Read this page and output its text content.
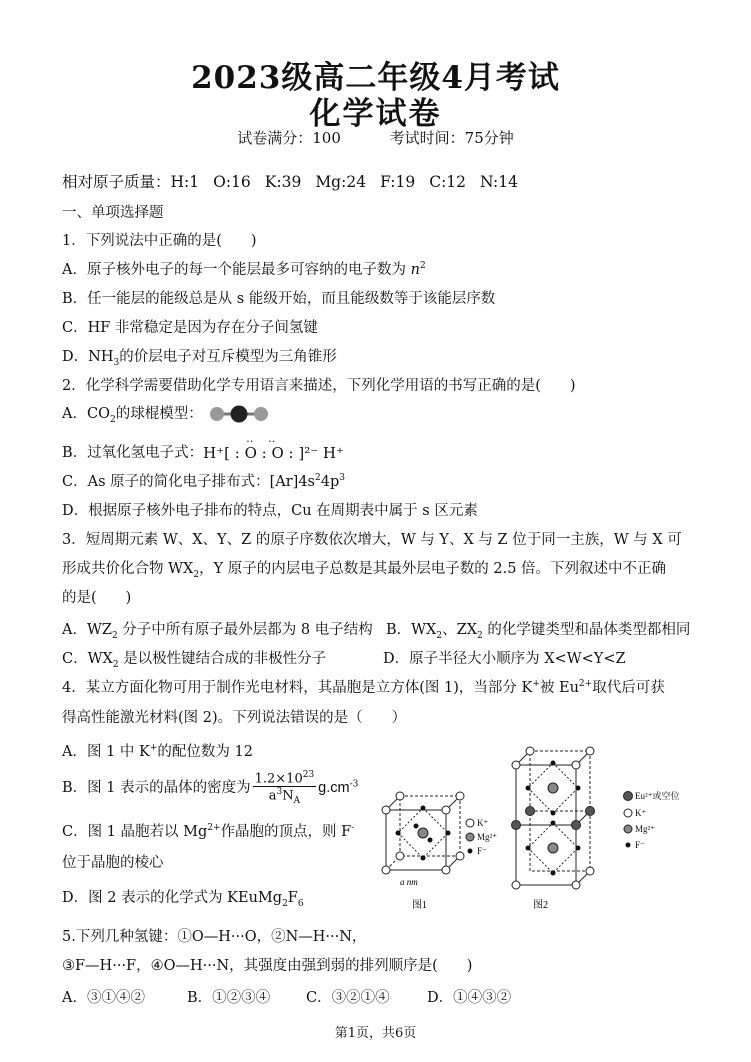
2023级高二年级4月考试
化学试卷
试卷满分：100	考试时间：75分钟
相对原子质量：H:1 O:16 K:39 Mg:24 F:19 C:12 N:14
一、单项选择题
1．下列说法中正确的是(　　)
A．原子核外电子的每一个能层最多可容纳的电子数为 $n^2$
B．任一能层的能级总是从 s 能级开始，而且能级数等于该能层序数
C．HF 非常稳定是因为存在分子间氢键
D．$NH_3$的价层电子对互斥模型为三角锥形
2．化学科学需要借助化学专用语言来描述，下列化学用语的书写正确的是(　　)
A．$CO_2$的球棍模型：
B．过氧化氢电子式：
‥   ‥
H⁺[ : O : O : ]²⁻ H⁺
C．As 原子的简化电子排布式：$[Ar]4s^24p^3$
D．根据原子核外电子排布的特点，Cu 在周期表中属于 s 区元素
3．短周期元素 W、X、Y、Z 的原子序数依次增大，W 与 Y、X 与 Z 位于同一主族，W 与 X 可
形成共价化合物 $WX_2$，Y 原子的内层电子总数是其最外层电子数的 2.5 倍。下列叙述中不正确
的是(　　)
A．$WZ_2$ 分子中所有原子最外层都为 8 电子结构 B．$WX_2$、$ZX_2$ 的化学键类型和晶体类型都相同
C．$WX_2$ 是以极性键结合成的非极性分子	D．原子半径大小顺序为 X<W<Y<Z
4．某立方面化物可用于制作光电材料，其晶胞是立方体(图 1)，当部分 K+被 $Eu^{2+}$取代后可获
得高性能激光材料(图 2)。下列说法错误的是（　　）
A．图 1 中 K+的配位数为 12
B．图 1 表示的晶体的密度为 $\frac{1.2\times 10^{23}}{a^3N_A} g.cm^{-3}$
C．图 1 晶胞若以 $Mg^{2+}$作晶胞的顶点，则 F-
位于晶胞的棱心
D．图 2 表示的化学式为 $KEuMg_2F_6$
K⁺
Mg²⁺
F⁻
a nm
图1
Eu²⁺或空位
K⁺
Mg²⁺
F⁻
图2
5.下列几种氢键：①O—H···O，②N—H···N，
③F—H···F，④O—H···N，其强度由强到弱的排列顺序是(　　)
A．③①④②	B．①②③④ C．③②①④	D．①④③②
第1页，共6页
